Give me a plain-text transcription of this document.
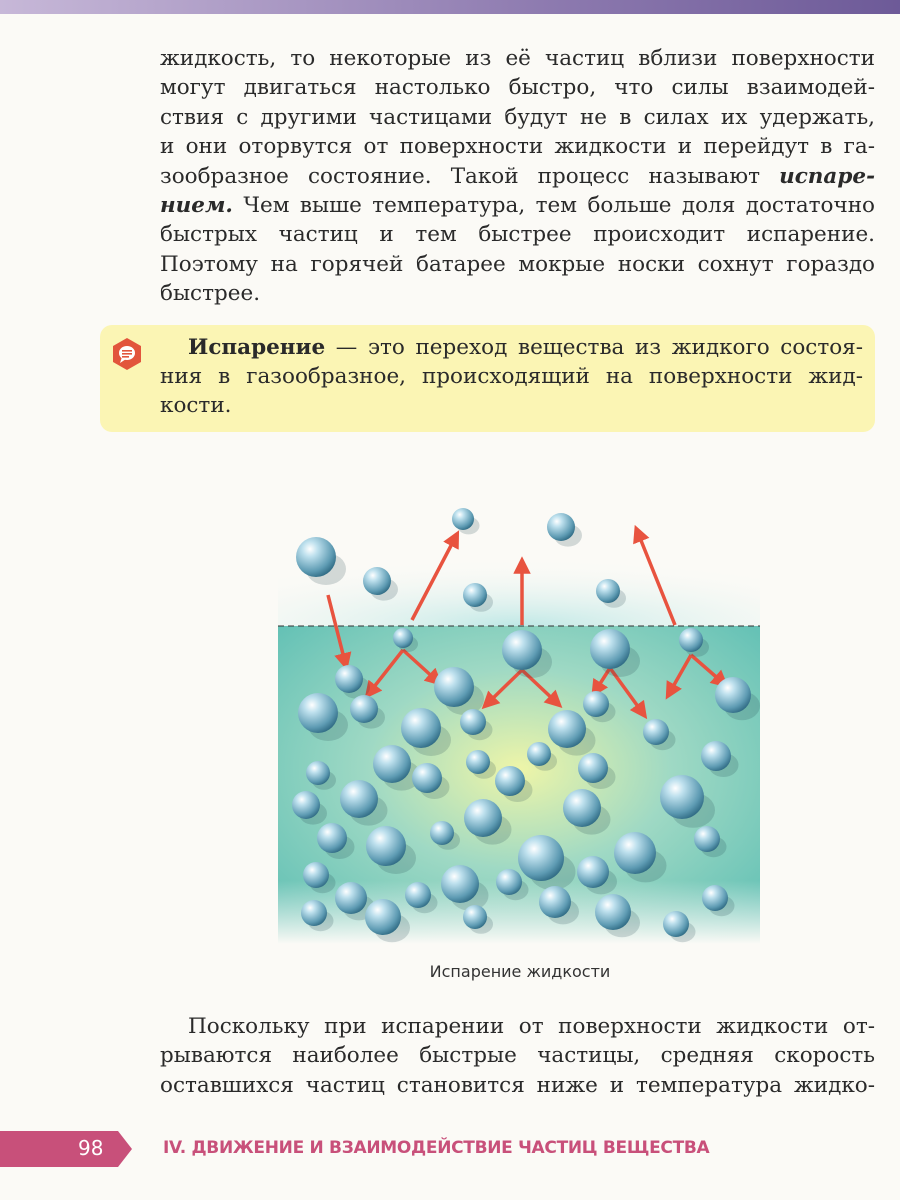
жидкость, то некоторые из её частиц вблизи поверхности
могут двигаться настолько быстро, что силы взаимодей-
ствия с другими частицами будут не в силах их удержать,
и они оторвутся от поверхности жидкости и перейдут в га-
зообразное состояние. Такой процесс называют испаре-
нием. Чем выше температура, тем больше доля достаточно
быстрых частиц и тем быстрее происходит испарение.
Поэтому на горячей батарее мокрые носки сохнут гораздо
быстрее.
Испарение — это переход вещества из жидкого состоя-
ния в газообразное, происходящий на поверхности жид-
кости.
Испарение жидкости
Поскольку при испарении от поверхности жидкости от-
рываются наиболее быстрые частицы, средняя скорость
оставшихся частиц становится ниже и температура жидко-
98	IV. ДВИЖЕНИЕ И ВЗАИМОДЕЙСТВИЕ ЧАСТИЦ ВЕЩЕСТВА
